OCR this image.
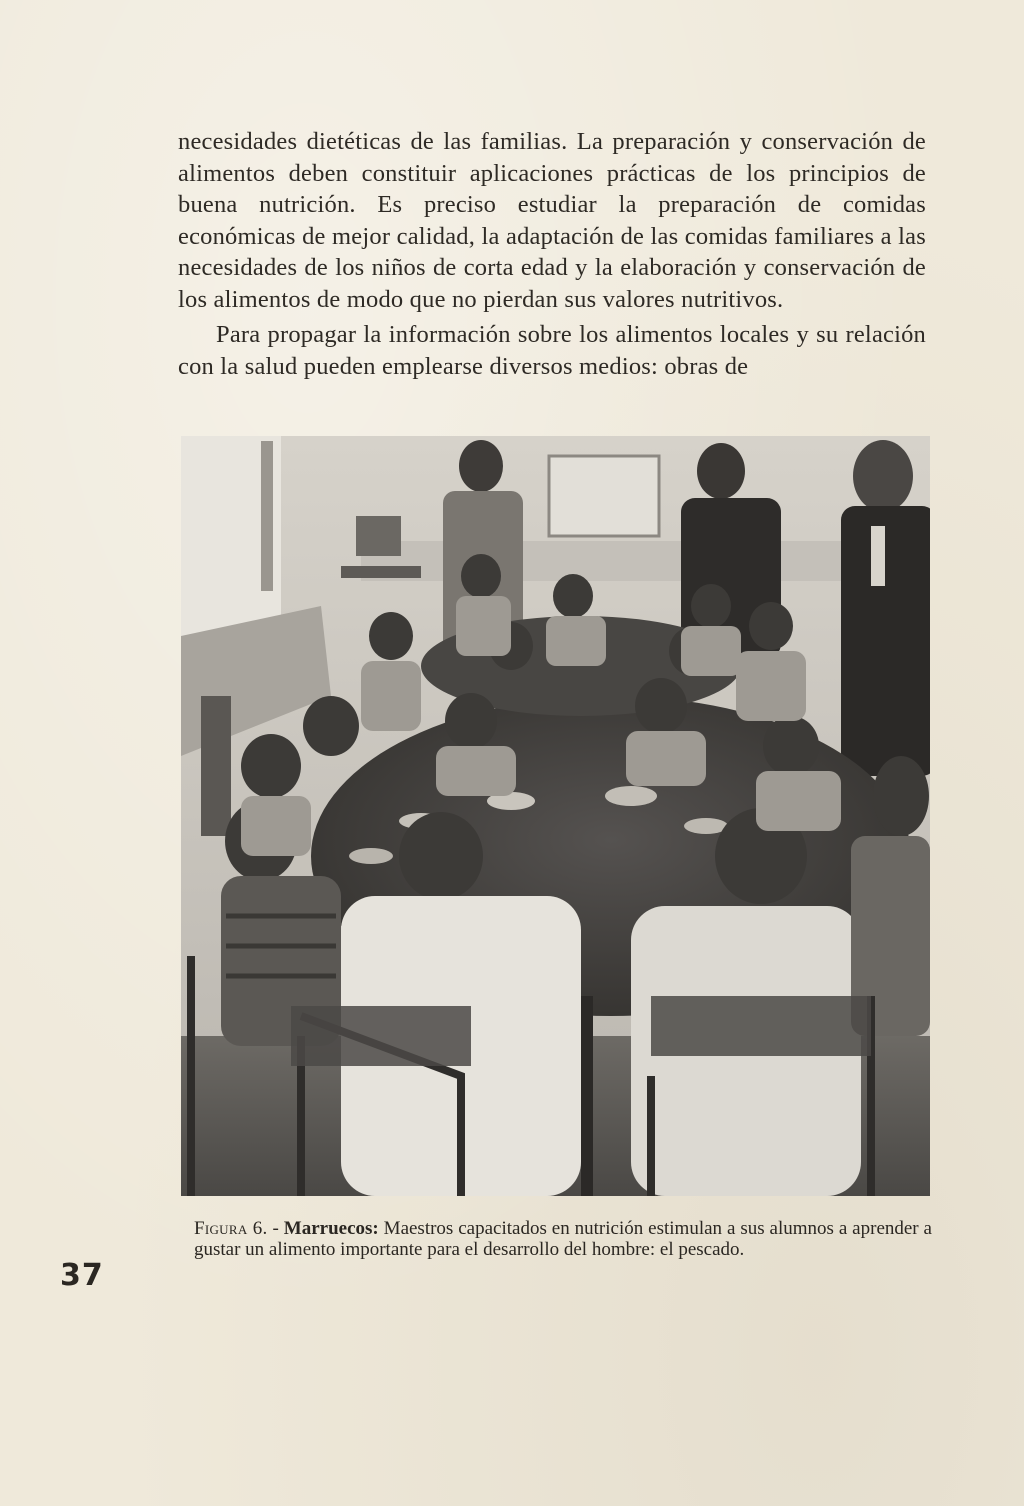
necesidades dietéticas de las familias. La preparación y conservación de alimentos deben constituir aplicaciones prácticas de los principios de buena nutrición. Es preciso estudiar la preparación de comidas económicas de mejor calidad, la adaptación de las comidas familiares a las necesidades de los niños de corta edad y la elaboración y conservación de los alimentos de modo que no pierdan sus valores nutritivos.

Para propagar la información sobre los alimentos locales y su relación con la salud pueden emplearse diversos medios: obras de

Figura 6. - Marruecos: Maestros capacitados en nutrición estimulan a sus alumnos a aprender a gustar un alimento importante para el desarrollo del hombre: el pescado.
37
